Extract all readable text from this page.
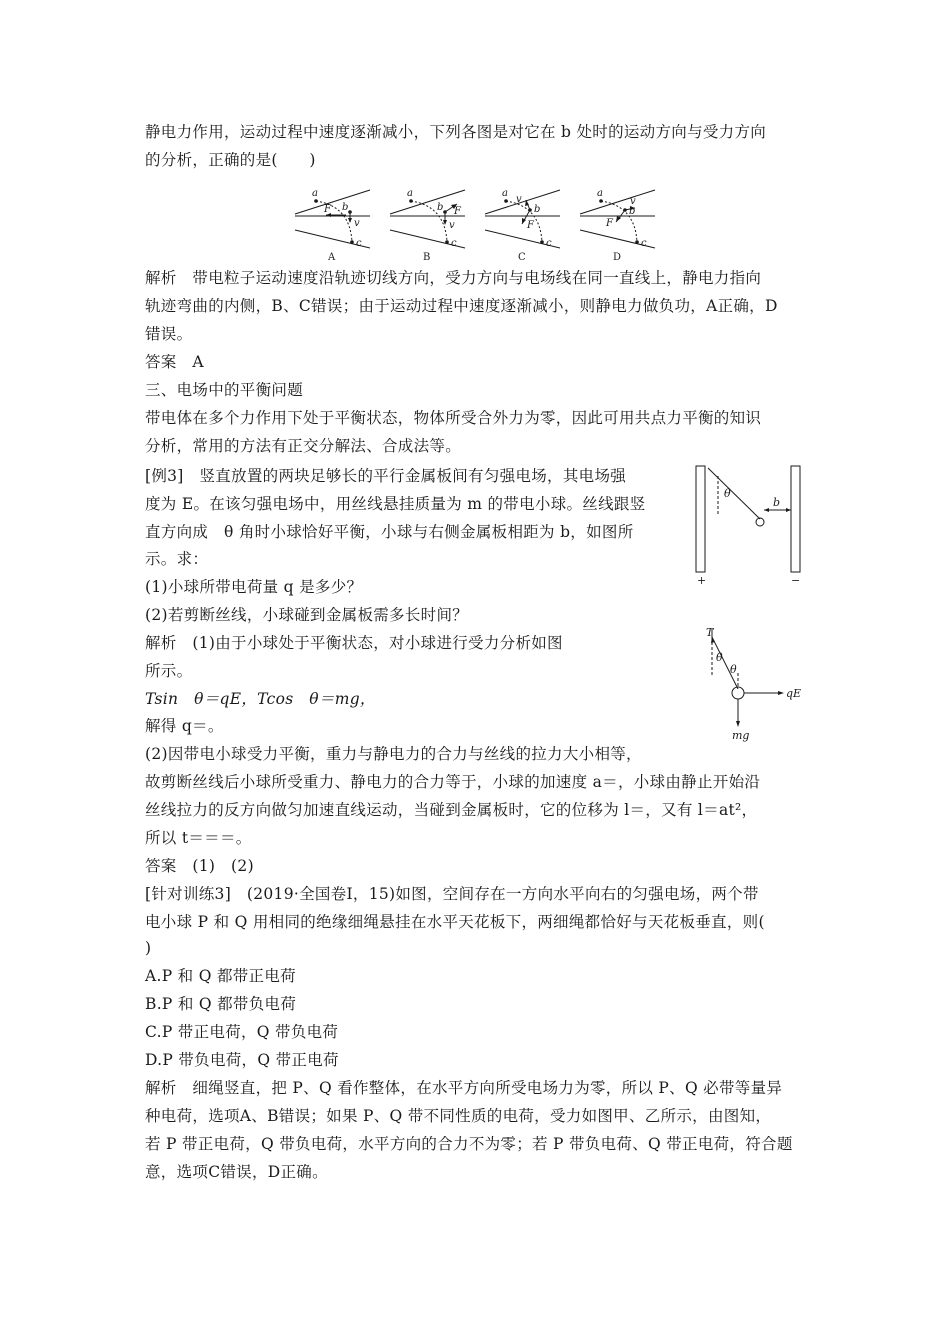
静电力作用，运动过程中速度逐渐减小，下列各图是对它在 b 处时的运动方向与受力方向
的分析，正确的是(　　)
a
b
c
v
F
A
a
b
c
v
F
B
a
b
c
v
F
C
a
b
c
v
F
D
解析　带电粒子运动速度沿轨迹切线方向，受力方向与电场线在同一直线上，静电力指向
轨迹弯曲的内侧，B、C错误；由于运动过程中速度逐渐减小，则静电力做负功，A正确，D
错误。
答案　A
三、电场中的平衡问题
带电体在多个力作用下处于平衡状态，物体所受合外力为零，因此可用共点力平衡的知识
分析，常用的方法有正交分解法、合成法等。
[例3]　竖直放置的两块足够长的平行金属板间有匀强电场，其电场强
度为 E。在该匀强电场中，用丝线悬挂质量为 m 的带电小球。丝线跟竖
直方向成　θ 角时小球恰好平衡，小球与右侧金属板相距为 b，如图所
示。求：
(1)小球所带电荷量 q 是多少？
(2)若剪断丝线，小球碰到金属板需多长时间？
θ
b
+	−
解析　(1)由于小球处于平衡状态，对小球进行受力分析如图
所示。
Tsin　θ＝qE，Tcos　θ＝mg，
解得 q＝。
T
θ
θ
qE
mg
(2)因带电小球受力平衡，重力与静电力的合力与丝线的拉力大小相等，
故剪断丝线后小球所受重力、静电力的合力等于，小球的加速度 a＝，小球由静止开始沿
丝线拉力的反方向做匀加速直线运动，当碰到金属板时，它的位移为 l＝，又有 l＝at²，
所以 t＝＝＝。
答案　(1)　(2)
[针对训练3]　(2019·全国卷Ⅰ，15)如图，空间存在一方向水平向右的匀强电场，两个带
电小球 P 和 Q 用相同的绝缘细绳悬挂在水平天花板下，两细绳都恰好与天花板垂直，则(
)
A.P 和 Q 都带正电荷
B.P 和 Q 都带负电荷
C.P 带正电荷，Q 带负电荷
D.P 带负电荷，Q 带正电荷
解析　细绳竖直，把 P、Q 看作整体，在水平方向所受电场力为零，所以 P、Q 必带等量异
种电荷，选项A、B错误；如果 P、Q 带不同性质的电荷，受力如图甲、乙所示，由图知，
若 P 带正电荷，Q 带负电荷，水平方向的合力不为零；若 P 带负电荷、Q 带正电荷，符合题
意，选项C错误，D正确。
